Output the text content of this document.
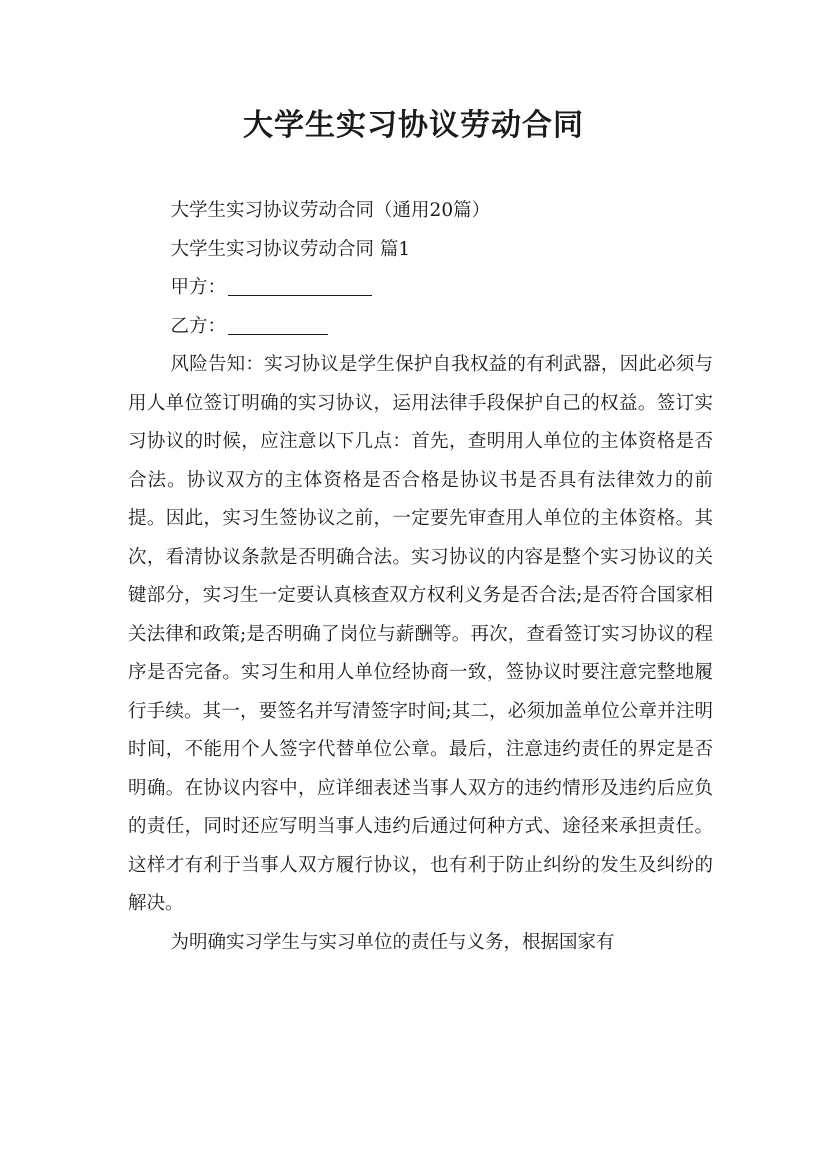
大学生实习协议劳动合同

大学生实习协议劳动合同（通用20篇）

大学生实习协议劳动合同 篇1

甲方：

乙方：

风险告知：实习协议是学生保护自我权益的有利武器，因此必须与用人单位签订明确的实习协议，运用法律手段保护自己的权益。签订实习协议的时候，应注意以下几点：首先，查明用人单位的主体资格是否合法。协议双方的主体资格是否合格是协议书是否具有法律效力的前提。因此，实习生签协议之前，一定要先审查用人单位的主体资格。其次，看清协议条款是否明确合法。实习协议的内容是整个实习协议的关键部分，实习生一定要认真核查双方权利义务是否合法;是否符合国家相关法律和政策;是否明确了岗位与薪酬等。再次，查看签订实习协议的程序是否完备。实习生和用人单位经协商一致，签协议时要注意完整地履行手续。其一，要签名并写清签字时间;其二，必须加盖单位公章并注明时间，不能用个人签字代替单位公章。最后，注意违约责任的界定是否明确。在协议内容中，应详细表述当事人双方的违约情形及违约后应负的责任，同时还应写明当事人违约后通过何种方式、途径来承担责任。这样才有利于当事人双方履行协议，也有利于防止纠纷的发生及纠纷的解决。

为明确实习学生与实习单位的责任与义务，根据国家有
